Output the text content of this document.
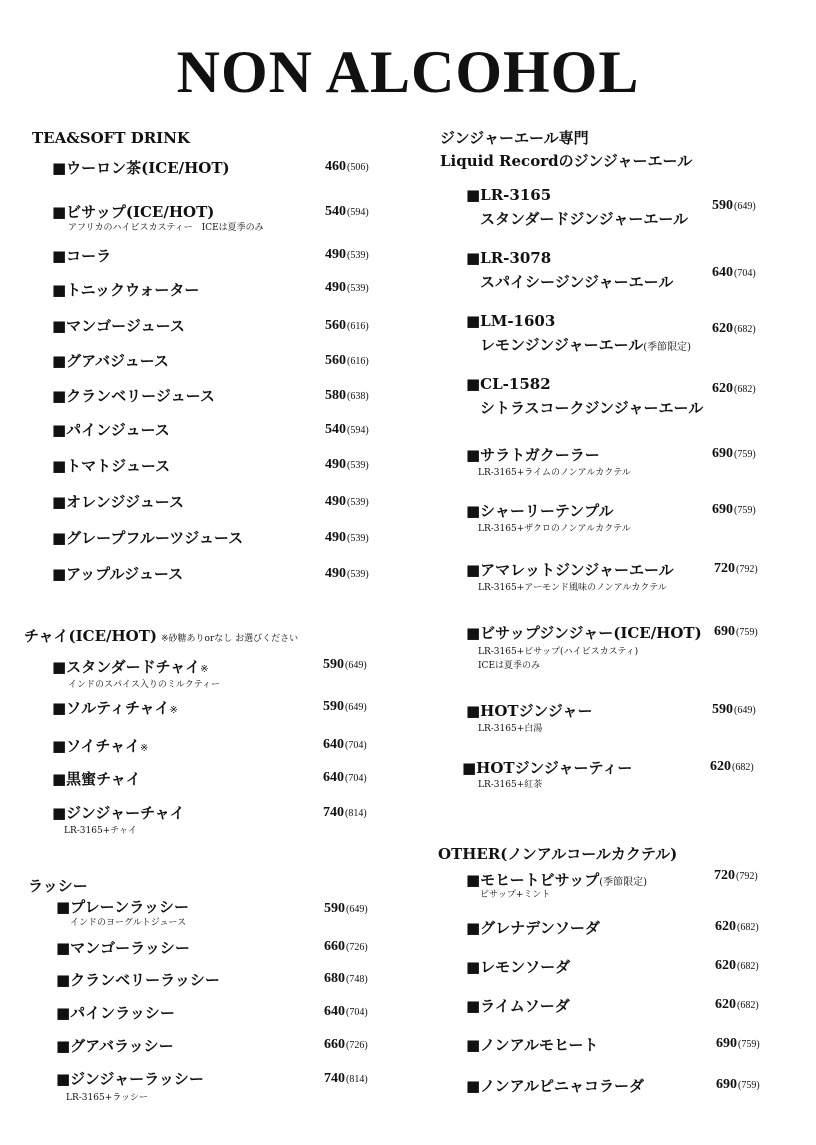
NON ALCOHOL
TEA&SOFT DRINK
■ウーロン茶(ICE/HOT)	460(506)
■ビサップ(ICE/HOT)
アフリカのハイビスカスティー　ICEは夏季のみ
540(594)
■コーラ	490(539)
■トニックウォーター	490(539)
■マンゴージュース	560(616)
■グアバジュース	560(616)
■クランベリージュース	580(638)
■パインジュース	540(594)
■トマトジュース	490(539)
■オレンジジュース	490(539)
■グレープフルーツジュース	490(539)
■アップルジュース	490(539)
チャイ(ICE/HOT) ※砂糖ありorなし お選びください
■スタンダードチャイ※
インドのスパイス入りのミルクティー
590(649)
■ソルティチャイ※	590(649)
■ソイチャイ※	640(704)
■黒蜜チャイ	640(704)
■ジンジャーチャイ
LR-3165+チャイ
740(814)
ラッシー
■プレーンラッシー
インドのヨーグルトジュース
590(649)
■マンゴーラッシー	660(726)
■クランベリーラッシー	680(748)
■パインラッシー	640(704)
■グアバラッシー	660(726)
■ジンジャーラッシー
LR-3165+ラッシー
740(814)
ジンジャーエール専門
Liquid Recordのジンジャーエール
■LR-3165
スタンダードジンジャーエール
590(649)
■LR-3078
スパイシージンジャーエール
640(704)
■LM-1603
レモンジンジャーエール(季節限定)
620(682)
■CL-1582
シトラスコークジンジャーエール
620(682)
■サラトガクーラー
LR-3165+ライムのノンアルカクテル
690(759)
■シャーリーテンプル
LR-3165+ザクロのノンアルカクテル
690(759)
■アマレットジンジャーエール
LR-3165+アーモンド風味のノンアルカクテル
720(792)
■ビサップジンジャー(ICE/HOT)
LR-3165+ビサップ(ハイビスカスティ)
ICEは夏季のみ
690(759)
■HOTジンジャー
LR-3165+白湯
590(649)
■HOTジンジャーティー
LR-3165+紅茶
620(682)
OTHER(ノンアルコールカクテル)
■モヒートビサップ(季節限定)
ビサップ+ミント
720(792)
■グレナデンソーダ	620(682)
■レモンソーダ	620(682)
■ライムソーダ	620(682)
■ノンアルモヒート	690(759)
■ノンアルピニャコラーダ	690(759)
